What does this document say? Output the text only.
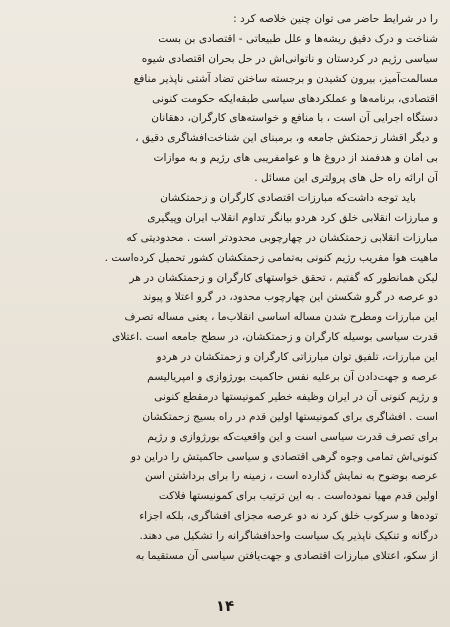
را در شرایط حاضر می توان چنین خلاصه کرد :
شناخت و درک دقیق ریشه‌ها و علل طبیعاتی - اقتصادی بن بست
سیاسی رژیم در کردستان و ناتوانی‌اش در حل بحران اقتصادی شیوه
مسالمت‌آمیز، بیرون کشیدن و برجسته ساختن تضاد آشتی ناپذیر منافع
اقتصادی، برنامه‌ها و عملکردهای سیاسی طبقه‌ایکه حکومت کنونی
دستگاه اجرایی آن است ، با منافع و خواسته‌های کارگران، دهقانان
و دیگر اقشار زحمتکش جامعه و، برمبنای این شناخت‌افشاگری دقیق ،
بی امان و هدفمند از دروغ ها و عوامفریبی های رژیم و به موازات
آن ارائه راه حل های پرولتری این مسائل .
باید توجه داشت‌که مبارزات اقتصادی کارگران و زحمتکشان
و مبارزات انقلابی خلق کرد هردو بیانگر تداوم انقلاب ایران وپیگیری
مبارزات انقلابی زحمتکشان در چهارچوبی محدودتر است . محدودیتی که
ماهیت هوا مفریب رژیم کنونی به‌تمامی زحمتکشان کشور تحمیل کرده‌است .
لیکن همانطور که گفتیم ، تحقق خواستهای کارگران و زحمتکشان در هر
دو عرصه در گرو شکستن این چهارچوب محدود، در گرو اعتلا و پیوند
این مبارزات ومطرح شدن مساله اساسی انقلاب‌ما ، یعنی مساله تصرف
قدرت سیاسی بوسیله کارگران و زحمتکشان، در سطح جامعه است .اعتلای
این مبارزات، تلفیق توان مبارزاتی کارگران و زحمتکشان در هردو
عرصه و جهت‌دادن آن برعلیه نفس حاکمیت بورژوازی و امپریالیسم
و رژیم کنونی آن در ایران وظیفه خطیر کمونیستها درمقطع کنونی
است . افشاگری برای کمونیستها اولین قدم در راه بسیج زحمتکشان
برای تصرف قدرت سیاسی است و این واقعیت‌که بورژوازی و رژیم
کنونی‌اش تمامی وجوه گرهی اقتصادی و سیاسی حاکمیتش را دراین دو
عرصه بوضوح به نمایش گذارده است ، زمینه را برای برداشتن اسن
اولین قدم مهیا نموده‌است . به این ترتیب برای کمونیستها فلاکت
توده‌ها و سرکوب خلق کرد نه دو عرصه مجزای افشاگری، بلکه اجزاء
درگانه و تنکیک ناپذیر یک سیاست واحد‌افشاگرانه را تشکیل می دهند.
از سکو، اعتلای مبارزات اقتصادی و جهت‌یافتن سیاسی آن مستقیما به
۱۴
